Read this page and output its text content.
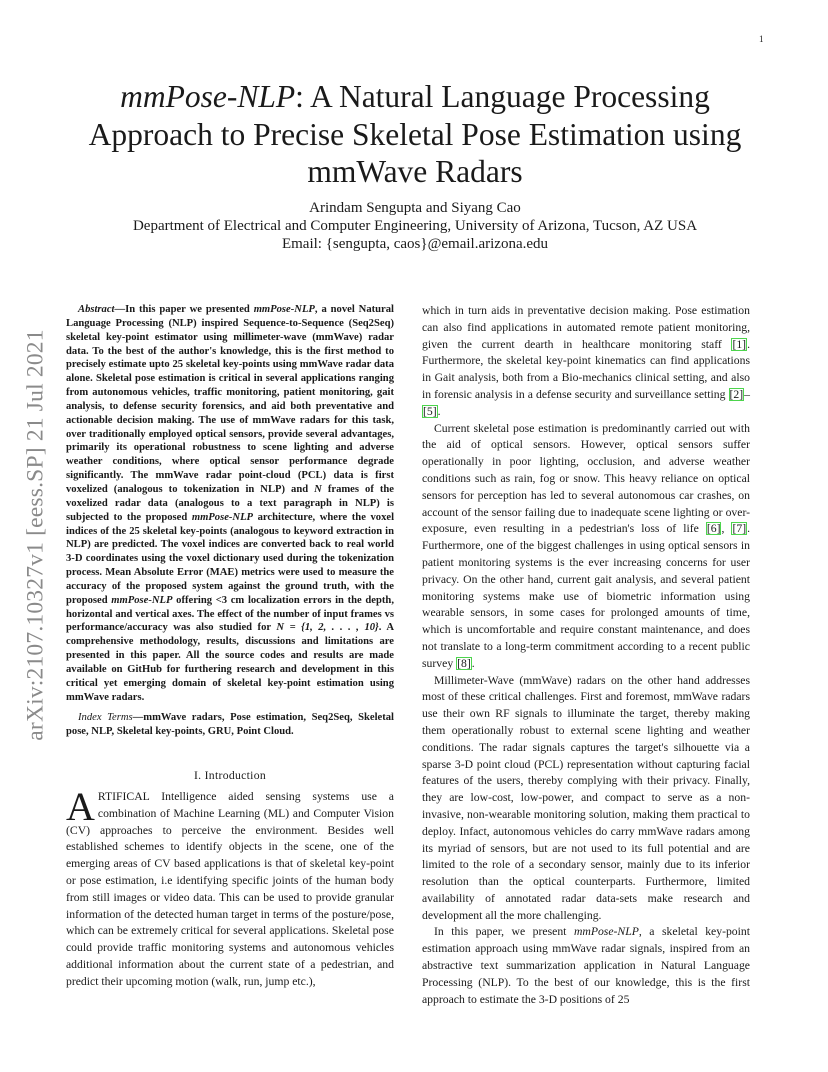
1
arXiv:2107.10327v1 [eess.SP] 21 Jul 2021
mmPose-NLP: A Natural Language Processing
Approach to Precise Skeletal Pose Estimation using
mmWave Radars
Arindam Sengupta and Siyang Cao
Department of Electrical and Computer Engineering, University of Arizona, Tucson, AZ USA
Email: {sengupta, caos}@email.arizona.edu

Abstract—In this paper we presented mmPose-NLP, a novel Natural Language Processing (NLP) inspired Sequence-to-Sequence (Seq2Seq) skeletal key-point estimator using millimeter-wave (mmWave) radar data. To the best of the author's knowledge, this is the first method to precisely estimate upto 25 skeletal key-points using mmWave radar data alone. Skeletal pose estimation is critical in several applications ranging from autonomous vehicles, traffic monitoring, patient monitoring, gait analysis, to defense security forensics, and aid both preventative and actionable decision making. The use of mmWave radars for this task, over traditionally employed optical sensors, provide several advantages, primarily its operational robustness to scene lighting and adverse weather conditions, where optical sensor performance degrade significantly. The mmWave radar point-cloud (PCL) data is first voxelized (analogous to tokenization in NLP) and N frames of the voxelized radar data (analogous to a text paragraph in NLP) is subjected to the proposed mmPose-NLP architecture, where the voxel indices of the 25 skeletal key-points (analogous to keyword extraction in NLP) are predicted. The voxel indices are converted back to real world 3-D coordinates using the voxel dictionary used during the tokenization process. Mean Absolute Error (MAE) metrics were used to measure the accuracy of the proposed system against the ground truth, with the proposed mmPose-NLP offering <3 cm localization errors in the depth, horizontal and vertical axes. The effect of the number of input frames vs performance/accuracy was also studied for N = {1, 2, . . . , 10}. A comprehensive methodology, results, discussions and limitations are presented in this paper. All the source codes and results are made available on GitHub for furthering research and development in this critical yet emerging domain of skeletal key-point estimation using mmWave radars.

Index Terms—mmWave radars, Pose estimation, Seq2Seq, Skeletal pose, NLP, Skeletal key-points, GRU, Point Cloud.

I. Introduction

ARTIFICAL Intelligence aided sensing systems use a combination of Machine Learning (ML) and Computer Vision (CV) approaches to perceive the environment. Besides well established schemes to identify objects in the scene, one of the emerging areas of CV based applications is that of skeletal key-point or pose estimation, i.e identifying specific joints of the human body from still images or video data. This can be used to provide granular information of the detected human target in terms of the posture/pose, which can be extremely critical for several applications. Skeletal pose could provide traffic monitoring systems and autonomous vehicles additional information about the current state of a pedestrian, and predict their upcoming motion (walk, run, jump etc.),

which in turn aids in preventative decision making. Pose estimation can also find applications in automated remote patient monitoring, given the current dearth in healthcare monitoring staff [1]. Furthermore, the skeletal key-point kinematics can find applications in Gait analysis, both from a Bio-mechanics clinical setting, and also in forensic analysis in a defense security and surveillance setting [2]–[5].

Current skeletal pose estimation is predominantly carried out with the aid of optical sensors. However, optical sensors suffer operationally in poor lighting, occlusion, and adverse weather conditions such as rain, fog or snow. This heavy reliance on optical sensors for perception has led to several autonomous car crashes, on account of the sensor failing due to inadequate scene lighting or over-exposure, even resulting in a pedestrian's loss of life [6], [7]. Furthermore, one of the biggest challenges in using optical sensors in patient monitoring systems is the ever increasing concerns for user privacy. On the other hand, current gait analysis, and several patient monitoring systems make use of biometric information using wearable sensors, in some cases for prolonged amounts of time, which is uncomfortable and require constant maintenance, and does not translate to a long-term commitment according to a recent public survey [8].

Millimeter-Wave (mmWave) radars on the other hand addresses most of these critical challenges. First and foremost, mmWave radars use their own RF signals to illuminate the target, thereby making them operationally robust to external scene lighting and weather conditions. The radar signals captures the target's silhouette via a sparse 3-D point cloud (PCL) representation without capturing facial features of the users, thereby complying with their privacy. Finally, they are low-cost, low-power, and compact to serve as a non-invasive, non-wearable monitoring solution, making them practical to deploy. Infact, autonomous vehicles do carry mmWave radars among its myriad of sensors, but are not used to its full potential and are limited to the role of a secondary sensor, mainly due to its inferior resolution than the optical counterparts. Furthermore, limited availability of annotated radar data-sets make research and development all the more challenging.

In this paper, we present mmPose-NLP, a skeletal key-point estimation approach using mmWave radar signals, inspired from an abstractive text summarization application in Natural Language Processing (NLP). To the best of our knowledge, this is the first approach to estimate the 3-D positions of 25
